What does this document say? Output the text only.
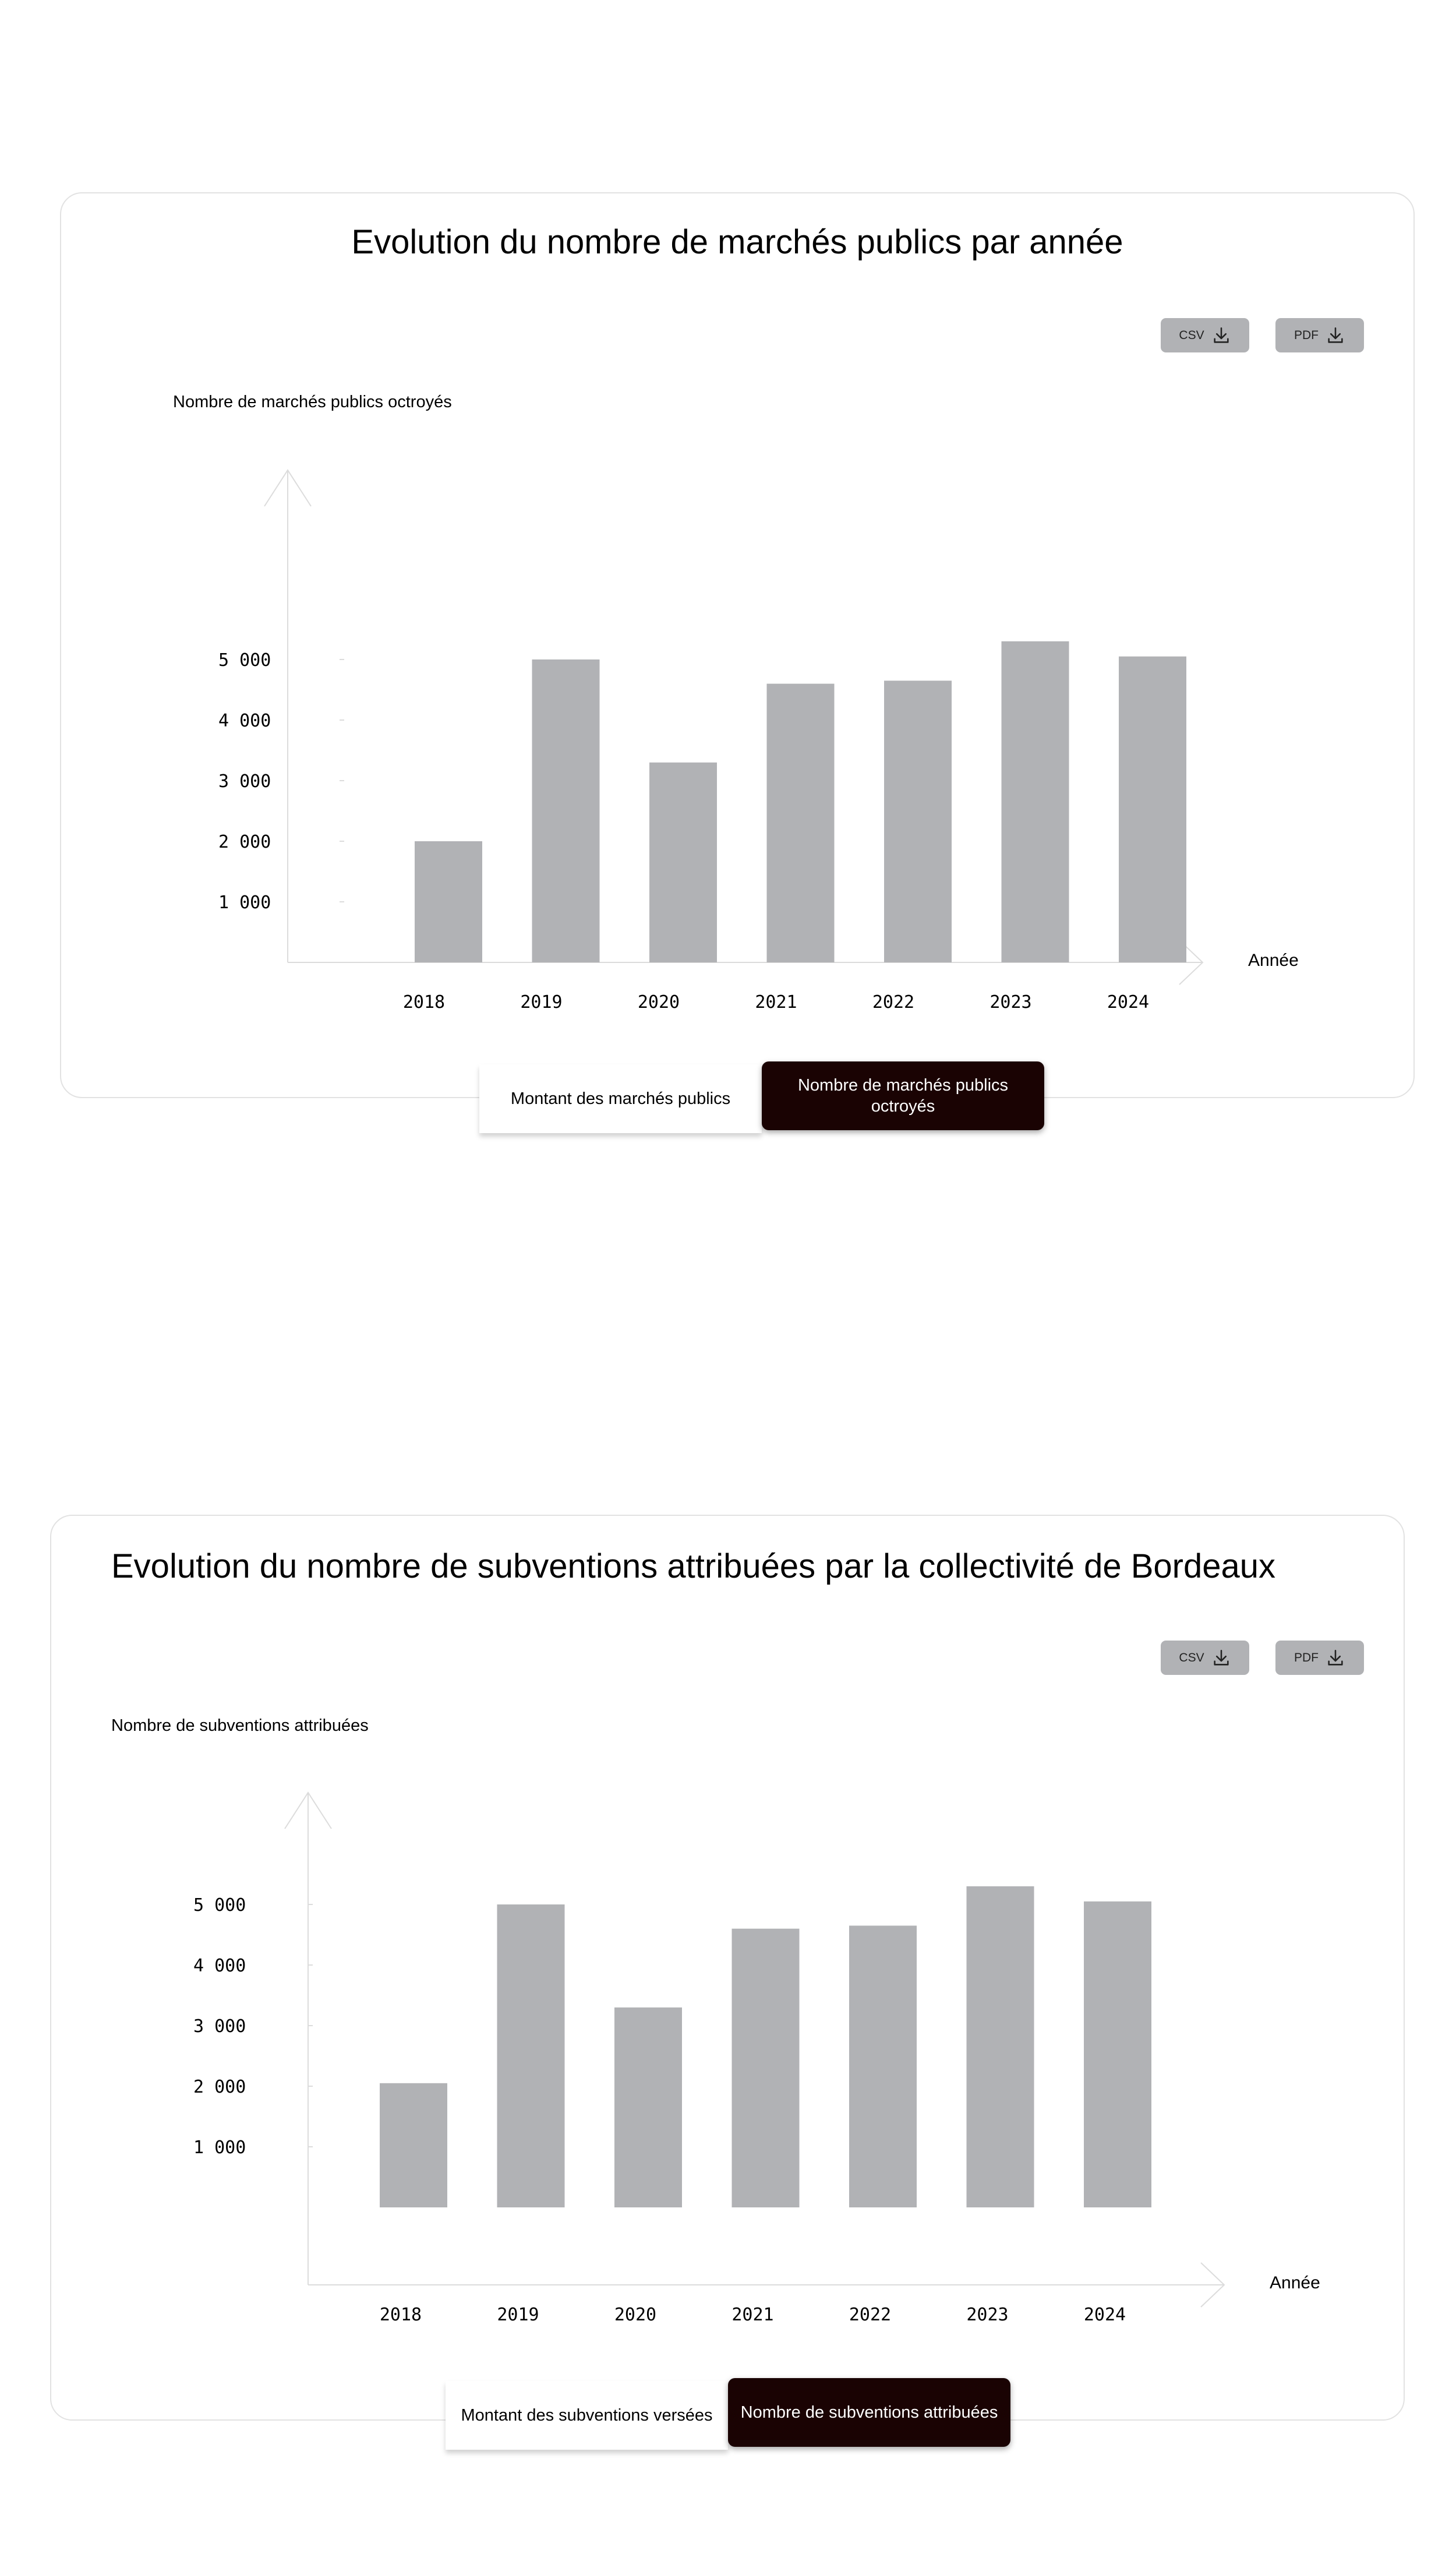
Evolution du nombre de marchés publics par année
CSV	PDF
Nombre de marchés publics octroyés
Année
1 000
2 000
3 000
4 000
5 000
2018	2019	2020	2021	2022	2023	2024
Montant des marchés publics
Nombre de marchés publics octroyés
Evolution du nombre de subventions attribuées par la collectivité de Bordeaux
CSV	PDF
Nombre de subventions attribuées
Année
1 000
2 000
3 000
4 000
5 000
2018	2019	2020	2021	2022	2023	2024
Montant des subventions versées	Nombre de subventions attribuées
